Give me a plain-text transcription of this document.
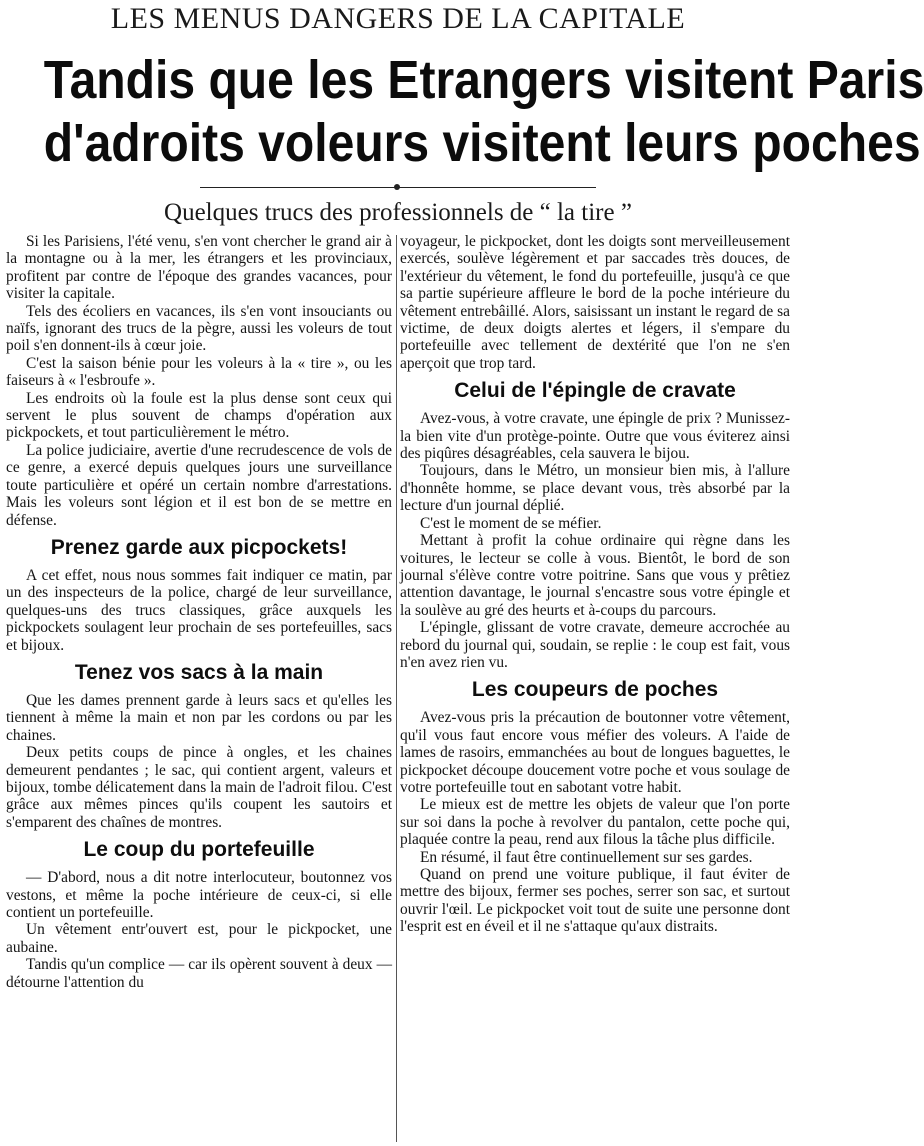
LES MENUS DANGERS DE LA CAPITALE
Tandis que les Etrangers visitent Paris
d'adroits voleurs visitent leurs poches
Quelques trucs des professionnels de “ la tire ”

Si les Parisiens, l'été venu, s'en vont chercher le grand air à la montagne ou à la mer, les étrangers et les provinciaux, profitent par contre de l'époque des grandes vacances, pour visiter la capitale.

Tels des écoliers en vacances, ils s'en vont insouciants ou naïfs, ignorant des trucs de la pègre, aussi les voleurs de tout poil s'en donnent-ils à cœur joie.

C'est la saison bénie pour les voleurs à la « tire », ou les faiseurs à « l'esbroufe ».

Les endroits où la foule est la plus dense sont ceux qui servent le plus souvent de champs d'opération aux pickpockets, et tout particulièrement le métro.

La police judiciaire, avertie d'une recrudescence de vols de ce genre, a exercé depuis quelques jours une surveillance toute particulière et opéré un certain nombre d'arrestations. Mais les voleurs sont légion et il est bon de se mettre en défense.

Prenez garde aux picpockets!

A cet effet, nous nous sommes fait indiquer ce matin, par un des inspecteurs de la police, chargé de leur surveillance, quelques-uns des trucs classiques, grâce auxquels les pickpockets soulagent leur prochain de ses portefeuilles, sacs et bijoux.

Tenez vos sacs à la main

Que les dames prennent garde à leurs sacs et qu'elles les tiennent à même la main et non par les cordons ou par les chaines.

Deux petits coups de pince à ongles, et les chaines demeurent pendantes ; le sac, qui contient argent, valeurs et bijoux, tombe délicatement dans la main de l'adroit filou. C'est grâce aux mêmes pinces qu'ils coupent les sautoirs et s'emparent des chaînes de montres.

Le coup du portefeuille

— D'abord, nous a dit notre interlocuteur, boutonnez vos vestons, et même la poche intérieure de ceux-ci, si elle contient un portefeuille.

Un vêtement entr'ouvert est, pour le pickpocket, une aubaine.

Tandis qu'un complice — car ils opèrent souvent à deux — détourne l'attention du

voyageur, le pickpocket, dont les doigts sont merveilleusement exercés, soulève légèrement et par saccades très douces, de l'extérieur du vêtement, le fond du portefeuille, jusqu'à ce que sa partie supérieure affleure le bord de la poche intérieure du vêtement entrebâillé. Alors, saisissant un instant le regard de sa victime, de deux doigts alertes et légers, il s'empare du portefeuille avec tellement de dextérité que l'on ne s'en aperçoit que trop tard.

Celui de l'épingle de cravate

Avez-vous, à votre cravate, une épingle de prix ? Munissez-la bien vite d'un protège-pointe. Outre que vous éviterez ainsi des piqûres désagréables, cela sauvera le bijou.

Toujours, dans le Métro, un monsieur bien mis, à l'allure d'honnête homme, se place devant vous, très absorbé par la lecture d'un journal déplié.

C'est le moment de se méfier.

Mettant à profit la cohue ordinaire qui règne dans les voitures, le lecteur se colle à vous. Bientôt, le bord de son journal s'élève contre votre poitrine. Sans que vous y prêtiez attention davantage, le journal s'encastre sous votre épingle et la soulève au gré des heurts et à-coups du parcours.

L'épingle, glissant de votre cravate, demeure accrochée au rebord du journal qui, soudain, se replie : le coup est fait, vous n'en avez rien vu.

Les coupeurs de poches

Avez-vous pris la précaution de boutonner votre vêtement, qu'il vous faut encore vous méfier des voleurs. A l'aide de lames de rasoirs, emmanchées au bout de longues baguettes, le pickpocket découpe doucement votre poche et vous soulage de votre portefeuille tout en sabotant votre habit.

Le mieux est de mettre les objets de valeur que l'on porte sur soi dans la poche à revolver du pantalon, cette poche qui, plaquée contre la peau, rend aux filous la tâche plus difficile.

En résumé, il faut être continuellement sur ses gardes.

Quand on prend une voiture publique, il faut éviter de mettre des bijoux, fermer ses poches, serrer son sac, et surtout ouvrir l'œil. Le pickpocket voit tout de suite une personne dont l'esprit est en éveil et il ne s'attaque qu'aux distraits.
